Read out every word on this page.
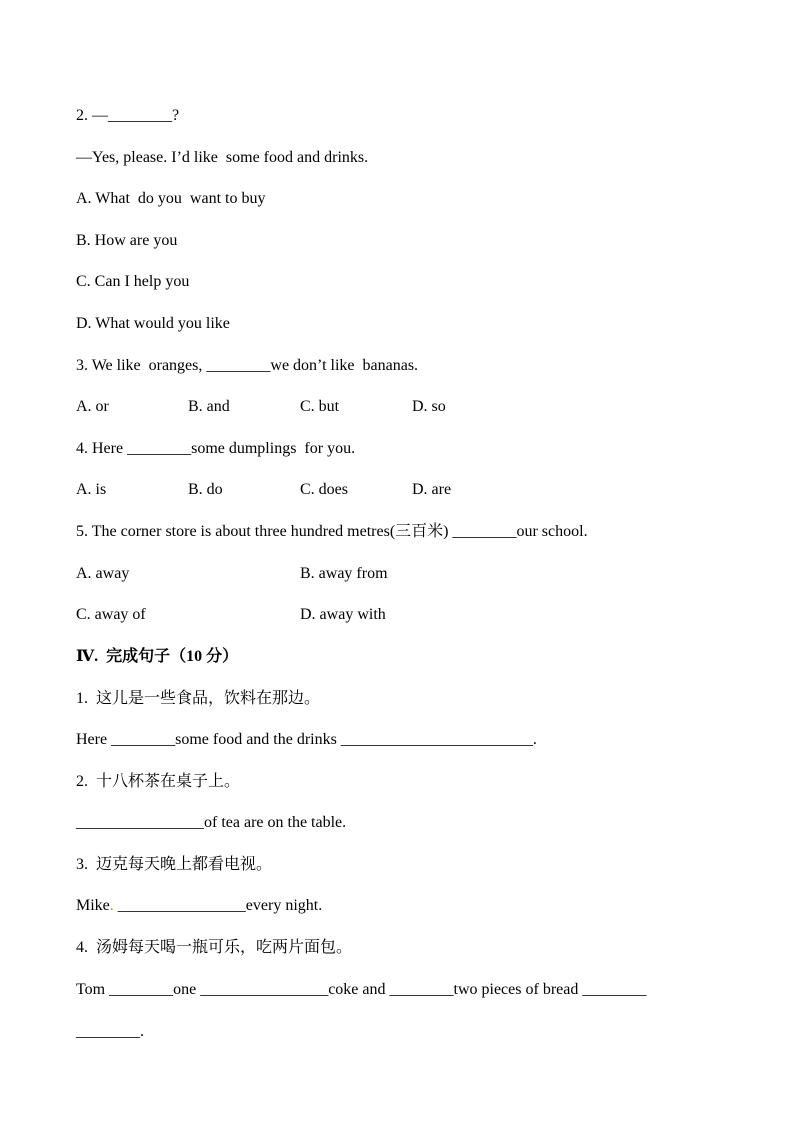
2. —________?
—Yes, please. I’d like  some food and drinks.
A. What  do you  want to buy
B. How are you
C. Can I help you
D. What would you like
3. We like  oranges, ________we don’t like  bananas.
A. or	B. and	C. but	D. so
4. Here ________some dumplings  for you.
A. is	B. do	C. does	D. are
5. The corner store is about three hundred metres(三百米) ________our school.
A. away	B. away from
C. away of	D. away with
Ⅳ.  完成句子（10 分）
1.  这儿是一些食品，饮料在那边。
Here ________some food and the drinks ________________________.
2.  十八杯茶在桌子上。
________________of tea are on the table.
3.  迈克每天晚上都看电视。
Mike. ________________every night.
4.  汤姆每天喝一瓶可乐，吃两片面包。
Tom ________one ________________coke and ________two pieces of bread ________
________.
